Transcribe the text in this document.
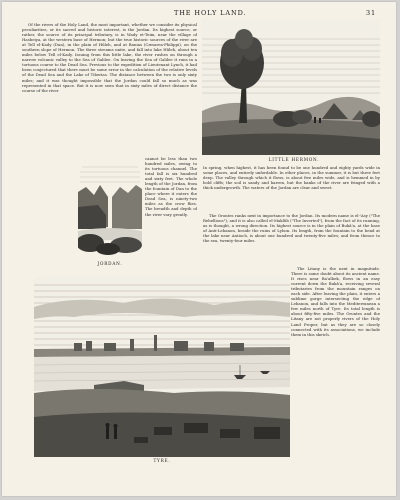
THE HOLY LAND.	31

Of the rivers of the Holy Land, the most important, whether we consider its physical peculiarities, or its sacred and historic interest, is the Jordan. Its highest source, or rather, the source of its principal tributary, is in Wady et-Teim, near the village of Hasbeiya, at the western base of Hermon; but the true historic sources of the river are at Tell el-Kady (Dan), in the plain of Hûleh, and at Banias (Cæsarea-Philippi), on the southern slope of Hermon. The three streams unite, and fall into lake Hûleh, about ten miles below Tell el-Kady. Issuing from this little lake, the river rushes on through a narrow volcanic valley to the Sea of Galilee. On leaving the Sea of Galilee it runs in a tortuous course to the Dead Sea. Previous to the expedition of Lieutenant Lynch, it had been conjectured that there must be some error in the calculation of the relative levels of the Dead Sea and the Lake of Tiberias. The distance between the two is only sixty miles; and it was thought impossible that the Jordan could fall so much as was represented in that space. But it is now seen that in sixty miles of direct distance the course of the river

cannot be less than two hundred miles, owing to its tortuous channel. The total fall is six hundred and sixty feet. The whole length of the Jordan, from the fountain of Dan to the place where it enters the Dead Sea, is ninety-two miles as the crow flies. The breadth and depth of the river vary greatly.

LITTLE HERMON.

In spring, when highest, it has been found to be one hundred and eighty yards wide in some places, and entirely unfordable. In other places, in the summer, it is but three feet deep. The valley through which it flows, is about five miles wide, and is hemmed in by bold cliffs; the soil is sandy and barren, but the banks of the river are fringed with a thick undergrowth. The waters of the Jordan are clear and sweet.

The Orontes ranks next in importance to the Jordan. Its modern name is el-'Asy ("The Rebellious"); and it is also called el-Maklûb ("The Inverted"), from the fact of its running, as is thought, a wrong direction. Its highest source is in the plain of Bukâ'a, at the base of Anti-Lebanon, beside the ruins of Lybon. Its length, from the fountain to the bend at the lake near Antioch, is about one hundred and twenty-five miles; and from thence to the sea, twenty-four miles.

The Litany is the next in magnitude. There is some doubt about its ancient name. It rises near Ba'albek, flows in an easy current down the Bukâ'a, receiving several tributaries from the mountain ranges on each side. After leaving the plain, it enters a sublime gorge intersecting the edge of Lebanon, and falls into the Mediterranean a few miles north of Tyre. Its total length is about fifty-five miles. The Orontes and the Litany are not properly rivers of the Holy Land Proper, but as they are so closely connected with its associations, we include them in this sketch.

JORDAN.
TYRE.
